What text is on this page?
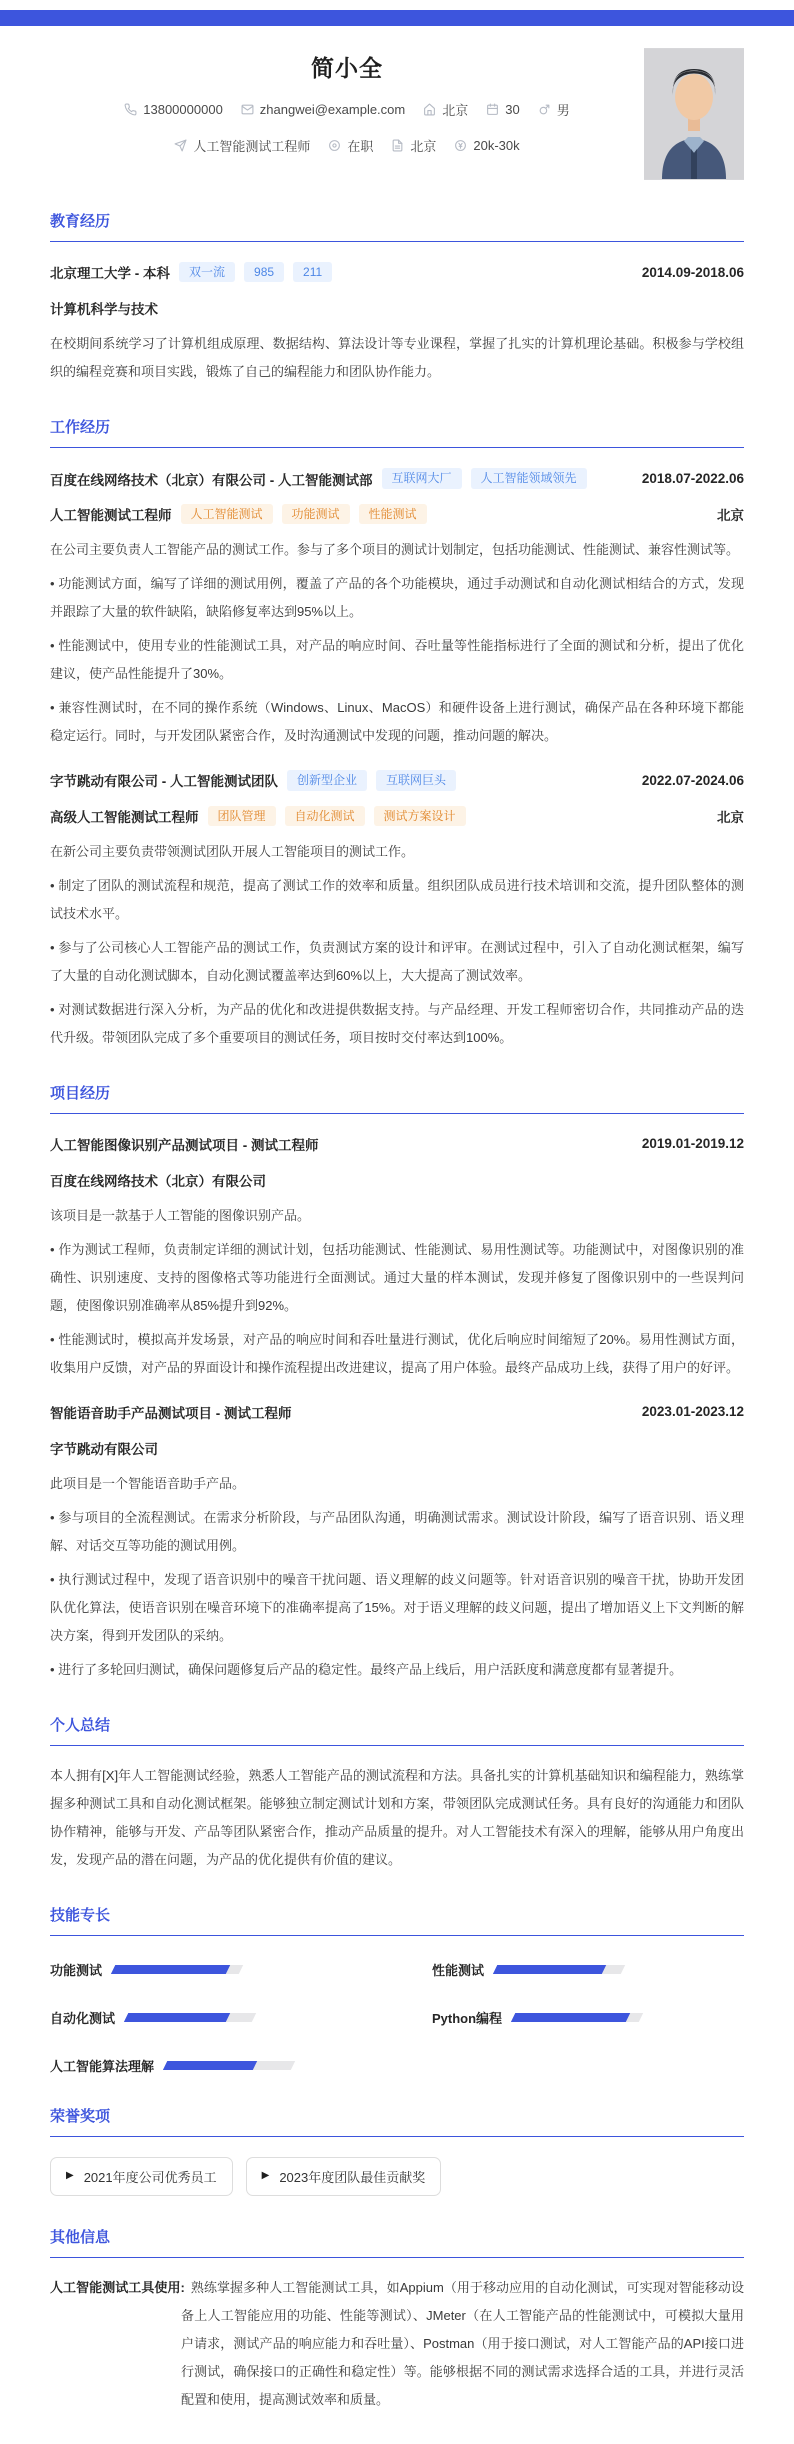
简小全
13800000000	zhangwei@example.com	北京	30	男
人工智能测试工程师	在职	北京	20k-30k
教育经历
北京理工大学 - 本科	双一流	985	211	2014.09-2018.06
计算机科学与技术

在校期间系统学习了计算机组成原理、数据结构、算法设计等专业课程，掌握了扎实的计算机理论基础。积极参与学校组织的编程竞赛和项目实践，锻炼了自己的编程能力和团队协作能力。

工作经历
百度在线网络技术（北京）有限公司 - 人工智能测试部	互联网大厂	人工智能领域领先	2018.07-2022.06
人工智能测试工程师	人工智能测试	功能测试	性能测试	北京

在公司主要负责人工智能产品的测试工作。参与了多个项目的测试计划制定，包括功能测试、性能测试、兼容性测试等。

• 功能测试方面，编写了详细的测试用例，覆盖了产品的各个功能模块，通过手动测试和自动化测试相结合的方式，发现并跟踪了大量的软件缺陷，缺陷修复率达到95%以上。

• 性能测试中，使用专业的性能测试工具，对产品的响应时间、吞吐量等性能指标进行了全面的测试和分析，提出了优化建议，使产品性能提升了30%。

• 兼容性测试时，在不同的操作系统（Windows、Linux、MacOS）和硬件设备上进行测试，确保产品在各种环境下都能稳定运行。同时，与开发团队紧密合作，及时沟通测试中发现的问题，推动问题的解决。

字节跳动有限公司 - 人工智能测试团队	创新型企业	互联网巨头	2022.07-2024.06
高级人工智能测试工程师	团队管理	自动化测试	测试方案设计	北京

在新公司主要负责带领测试团队开展人工智能项目的测试工作。

• 制定了团队的测试流程和规范，提高了测试工作的效率和质量。组织团队成员进行技术培训和交流，提升团队整体的测试技术水平。

• 参与了公司核心人工智能产品的测试工作，负责测试方案的设计和评审。在测试过程中，引入了自动化测试框架，编写了大量的自动化测试脚本，自动化测试覆盖率达到60%以上，大大提高了测试效率。

• 对测试数据进行深入分析，为产品的优化和改进提供数据支持。与产品经理、开发工程师密切合作，共同推动产品的迭代升级。带领团队完成了多个重要项目的测试任务，项目按时交付率达到100%。

项目经历
人工智能图像识别产品测试项目 - 测试工程师	2019.01-2019.12
百度在线网络技术（北京）有限公司

该项目是一款基于人工智能的图像识别产品。

• 作为测试工程师，负责制定详细的测试计划，包括功能测试、性能测试、易用性测试等。功能测试中，对图像识别的准确性、识别速度、支持的图像格式等功能进行全面测试。通过大量的样本测试，发现并修复了图像识别中的一些误判问题，使图像识别准确率从85%提升到92%。

• 性能测试时，模拟高并发场景，对产品的响应时间和吞吐量进行测试，优化后响应时间缩短了20%。易用性测试方面，收集用户反馈，对产品的界面设计和操作流程提出改进建议，提高了用户体验。最终产品成功上线，获得了用户的好评。

智能语音助手产品测试项目 - 测试工程师	2023.01-2023.12
字节跳动有限公司

此项目是一个智能语音助手产品。

• 参与项目的全流程测试。在需求分析阶段，与产品团队沟通，明确测试需求。测试设计阶段，编写了语音识别、语义理解、对话交互等功能的测试用例。

• 执行测试过程中，发现了语音识别中的噪音干扰问题、语义理解的歧义问题等。针对语音识别的噪音干扰，协助开发团队优化算法，使语音识别在噪音环境下的准确率提高了15%。对于语义理解的歧义问题，提出了增加语义上下文判断的解决方案，得到开发团队的采纳。

• 进行了多轮回归测试，确保问题修复后产品的稳定性。最终产品上线后，用户活跃度和满意度都有显著提升。

个人总结

本人拥有[X]年人工智能测试经验，熟悉人工智能产品的测试流程和方法。具备扎实的计算机基础知识和编程能力，熟练掌握多种测试工具和自动化测试框架。能够独立制定测试计划和方案，带领团队完成测试任务。具有良好的沟通能力和团队协作精神，能够与开发、产品等团队紧密合作，推动产品质量的提升。对人工智能技术有深入的理解，能够从用户角度出发，发现产品的潜在问题，为产品的优化提供有价值的建议。

技能专长
功能测试	性能测试
自动化测试	Python编程
人工智能算法理解
荣誉奖项
▶ 2021年度公司优秀员工	▶ 2023年度团队最佳贡献奖
其他信息

人工智能测试工具使用: 熟练掌握多种人工智能测试工具，如Appium（用于移动应用的自动化测试，可实现对智能移动设备上人工智能应用的功能、性能等测试）、JMeter（在人工智能产品的性能测试中，可模拟大量用户请求，测试产品的响应能力和吞吐量）、Postman（用于接口测试，对人工智能产品的API接口进行测试，确保接口的正确性和稳定性）等。能够根据不同的测试需求选择合适的工具，并进行灵活配置和使用，提高测试效率和质量。
